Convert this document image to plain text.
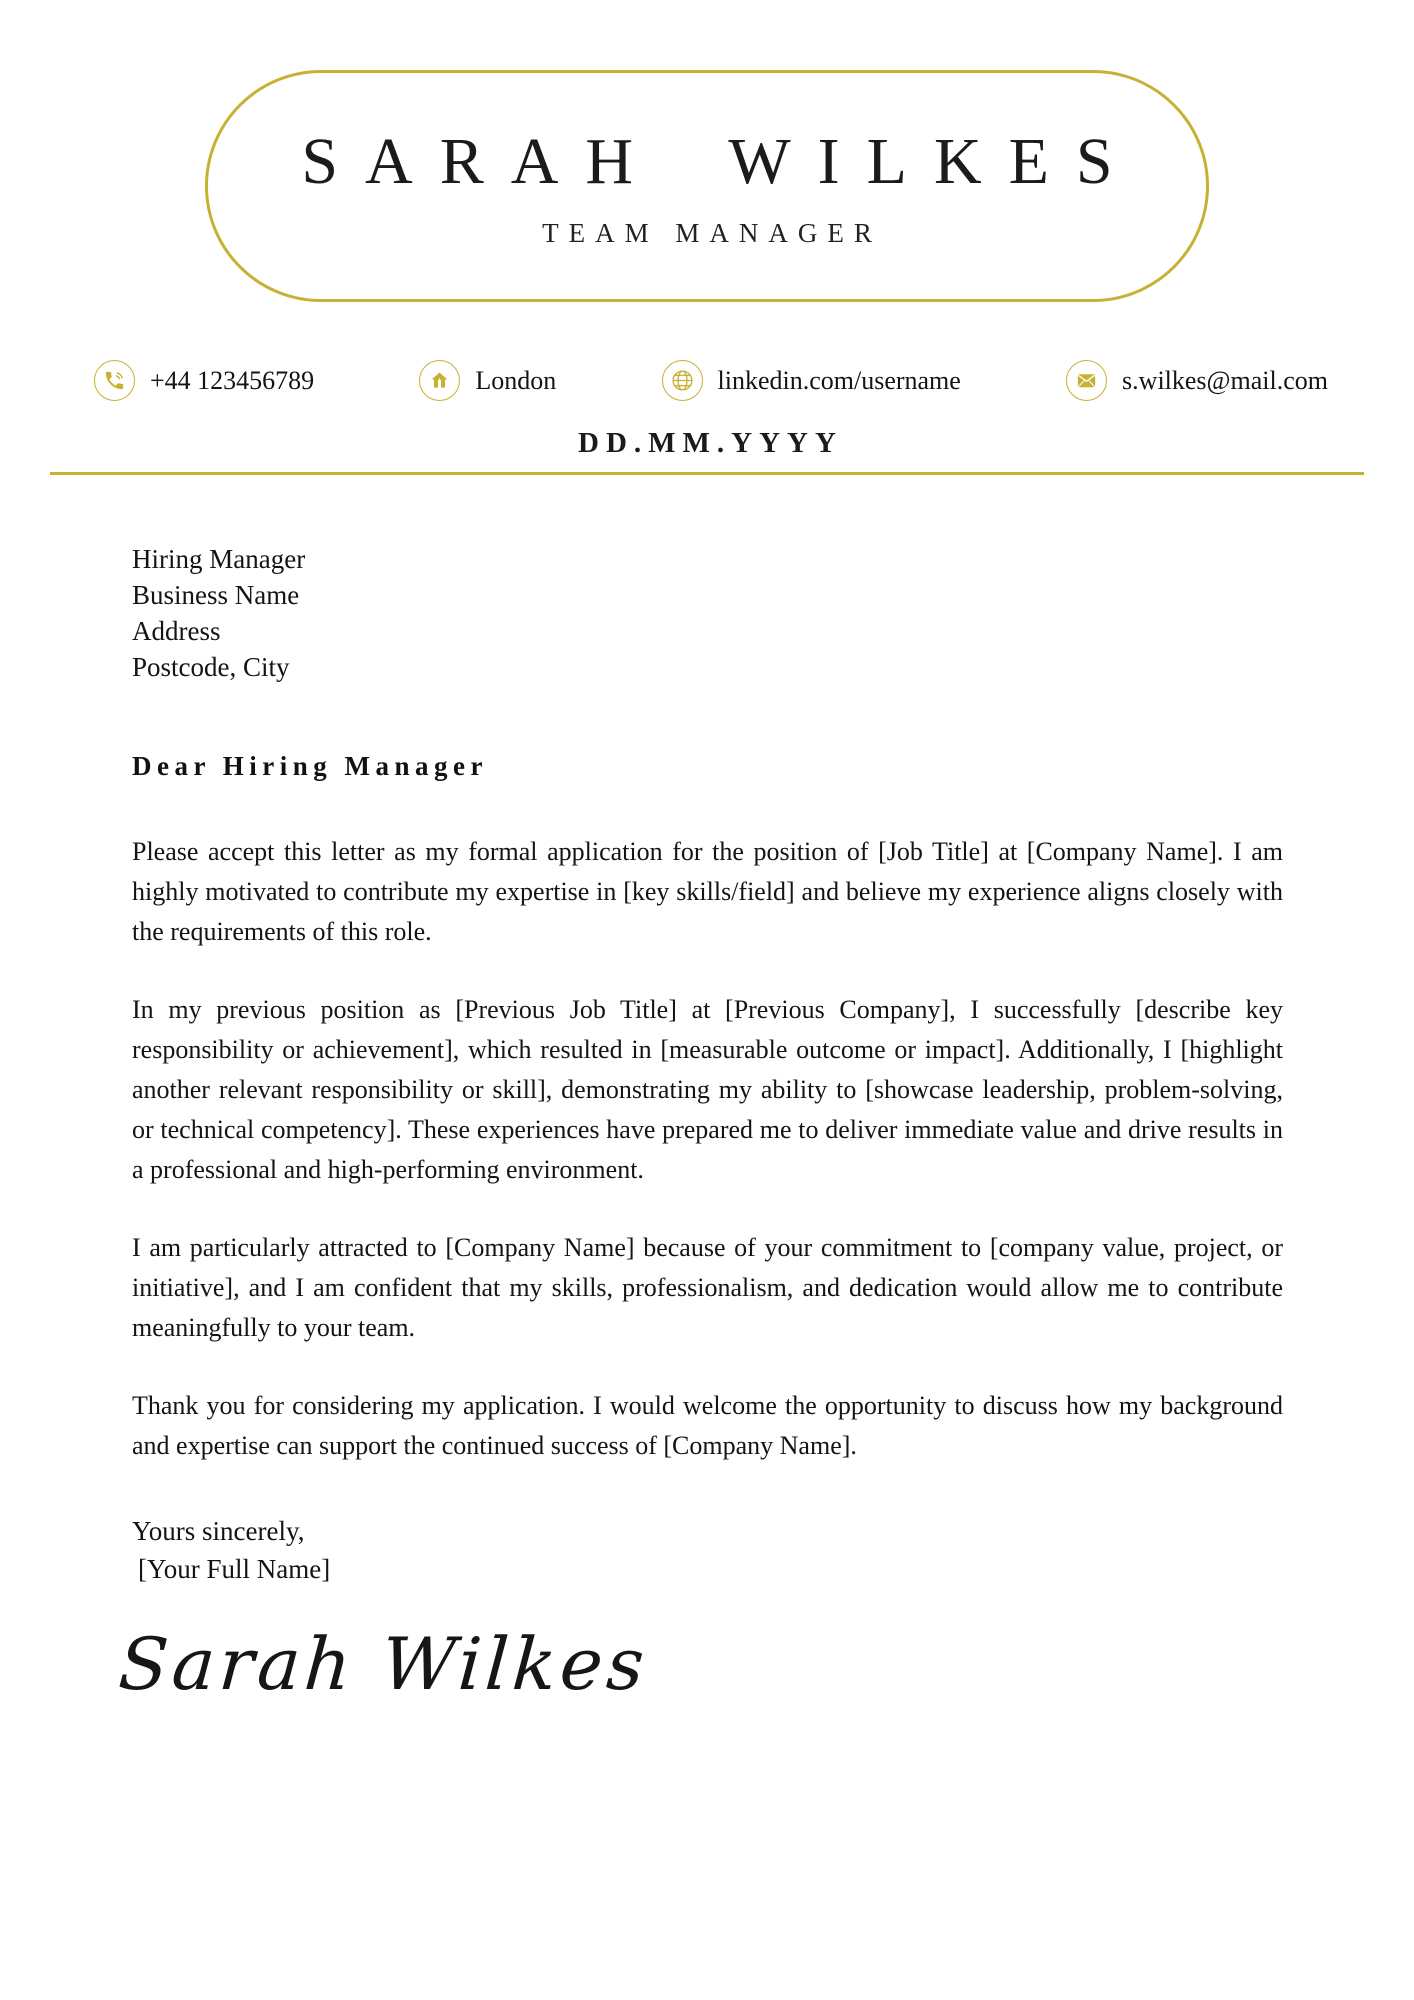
SARAH WILKES
TEAM MANAGER
+44 123456789	London	linkedin.com/username	s.wilkes@mail.com
DD.MM.YYYY
Hiring Manager
Business Name
Address
Postcode, City
Dear Hiring Manager

Please accept this letter as my formal application for the position of [Job Title] at [Company Name]. I am highly motivated to contribute my expertise in [key skills/field] and believe my experience aligns closely with the requirements of this role.

In my previous position as [Previous Job Title] at [Previous Company], I successfully [describe key responsibility or achievement], which resulted in [measurable outcome or impact]. Additionally, I [highlight another relevant responsibility or skill], demonstrating my ability to [showcase leadership, problem-solving, or technical competency]. These experiences have prepared me to deliver immediate value and drive results in a professional and high-performing environment.

I am particularly attracted to [Company Name] because of your commitment to [company value, project, or initiative], and I am confident that my skills, professionalism, and dedication would allow me to contribute meaningfully to your team.

Thank you for considering my application. I would welcome the opportunity to discuss how my background and expertise can support the continued success of [Company Name].

Yours sincerely,
[Your Full Name]
Sarah Wilkes
